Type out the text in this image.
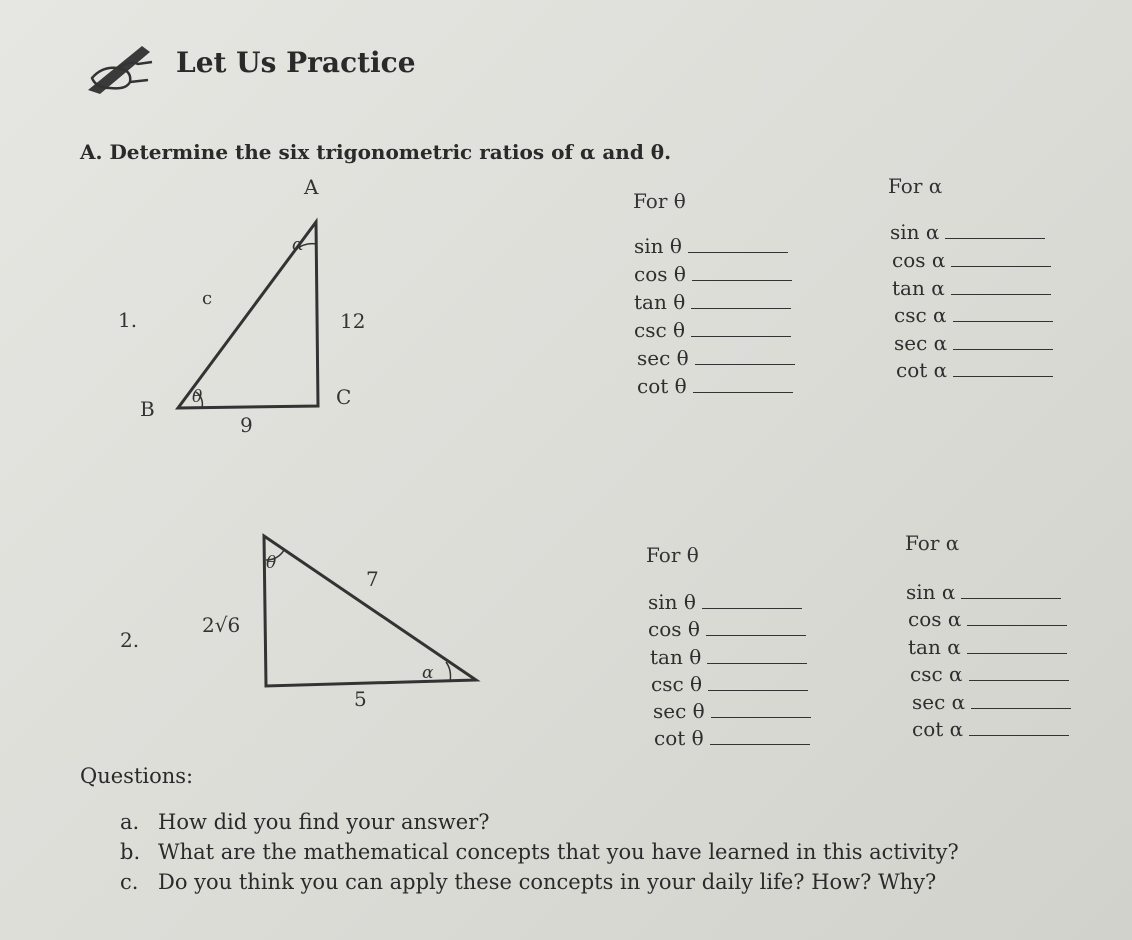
Let Us Practice
A. Determine the six trigonometric ratios of α and θ.
1.
A
B	C
α
θ
c
12
9
For θ
For α
sin θ
cos θ
tan θ
csc θ
sec θ
cot θ
sin α
cos α
tan α
csc α
sec α
cot α
2.
θ
α
7
2√6
5
For θ	For α
sin θ
cos θ
tan θ
csc θ
sec θ
cot θ
sin α
cos α
tan α
csc α
sec α
cot α
Questions:
a. How did you find your answer?
b. What are the mathematical concepts that you have learned in this activity?
c. Do you think you can apply these concepts in your daily life? How? Why?
